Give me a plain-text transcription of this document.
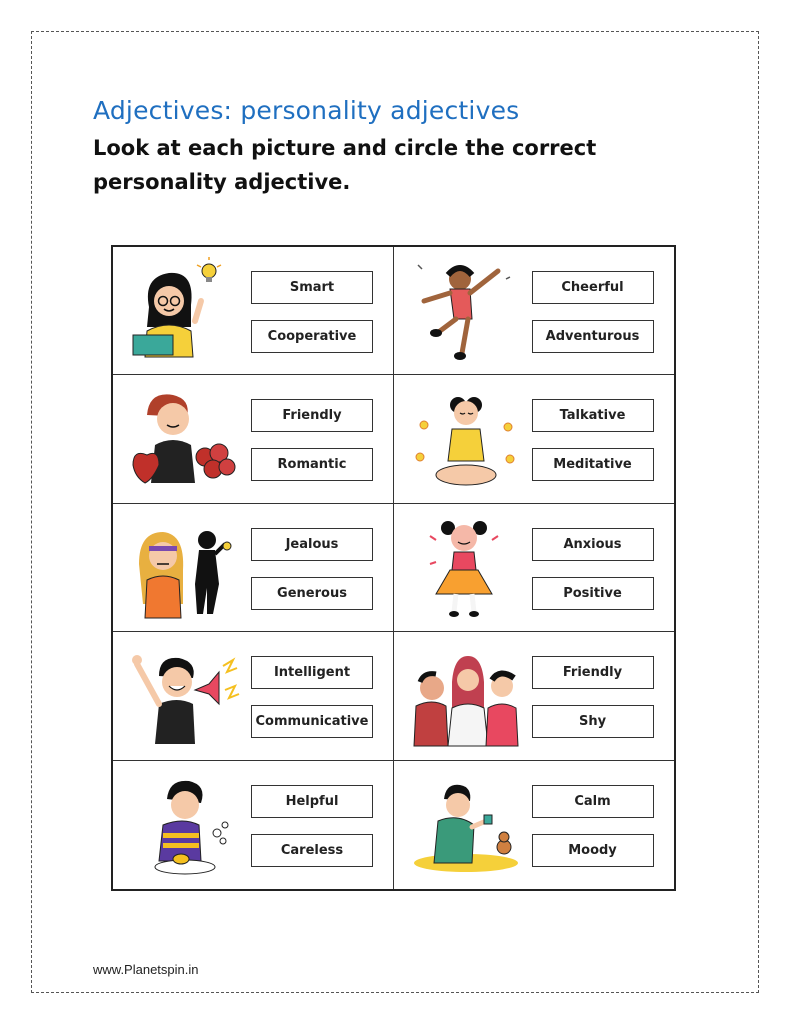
Adjectives: personality adjectives

Look at each picture and circle the correct personality adjective.

Smart
Cooperative
Cheerful
Adventurous
Friendly
Romantic
Talkative
Meditative
Jealous
Generous
Anxious
Positive
Intelligent
Communicative
Friendly
Shy
Helpful
Careless
Calm
Moody
www.Planetspin.in
